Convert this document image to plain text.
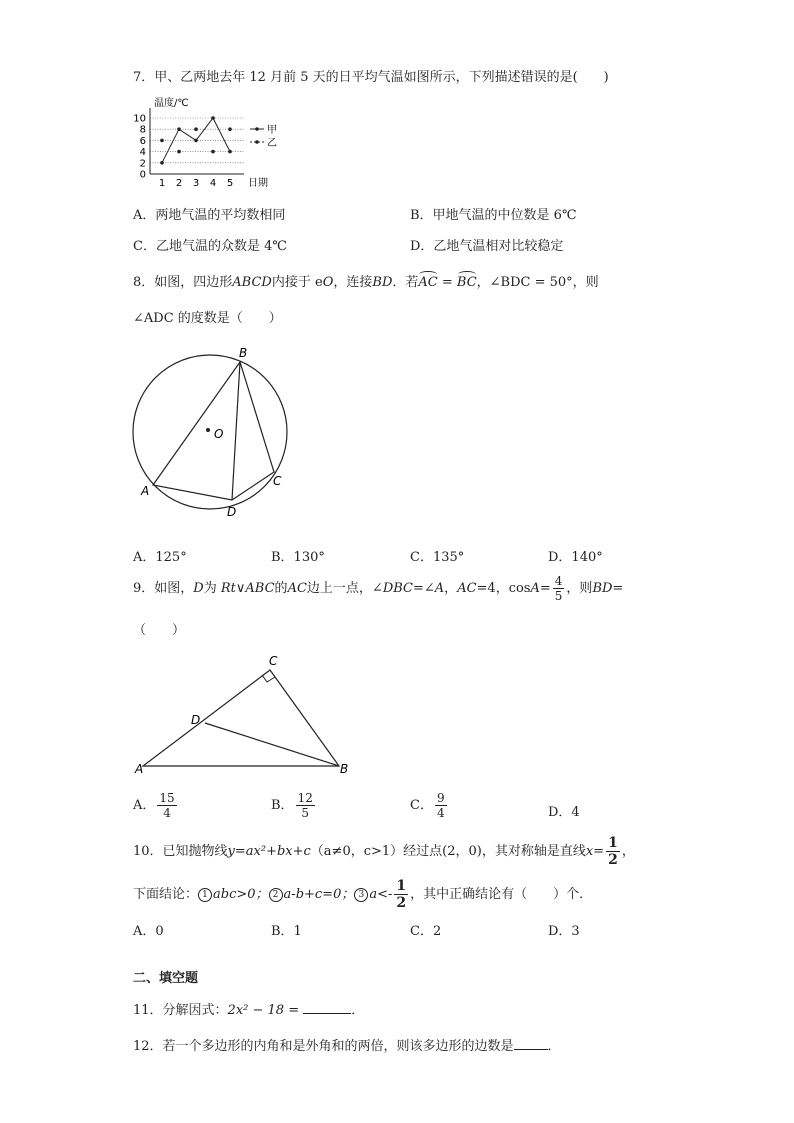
7．甲、乙两地去年 12 月前 5 天的日平均气温如图所示，下列描述错误的是(　　)
温度/℃
日期
0
2
4
6
8
10
1 2 3 4 5
甲
乙
A．两地气温的平均数相同	B．甲地气温的中位数是 6℃
C．乙地气温的众数是 4℃	D．乙地气温相对比较稳定
8．如图，四边形ABCD内接于 eO，连接BD．若AC = BC，∠BDC = 50°，则
∠ADC 的度数是（　　）
O
B
A
C
D
A．125°	B．130°	C．135°	D．140°
9．如图，D为 Rt∨ABC的AC边上一点，∠DBC=∠A，AC=4，$\cos A= \frac{4}{5}$ ，则BD=
（　　）
C
D
A	B
A． $\frac{15}{4}$	B． $\frac{12}{5}$	C． $\frac{9}{4}$	D．4
10．已知抛物线y=ax²+bx+c（a≠0，c>1）经过点(2，0)，其对称轴是直线$x= \frac{1}{2}$ ，
下面结论： 1 abc>0； 2 a-b+c=0； 3 $a<- \frac{1}{2}$ ，其中正确结论有（　　）个．
A．0	B．1	C．2	D．3
二、填空题
11．分解因式：2x² − 18 =	．
12．若一个多边形的内角和是外角和的两倍，则该多边形的边数是	．
